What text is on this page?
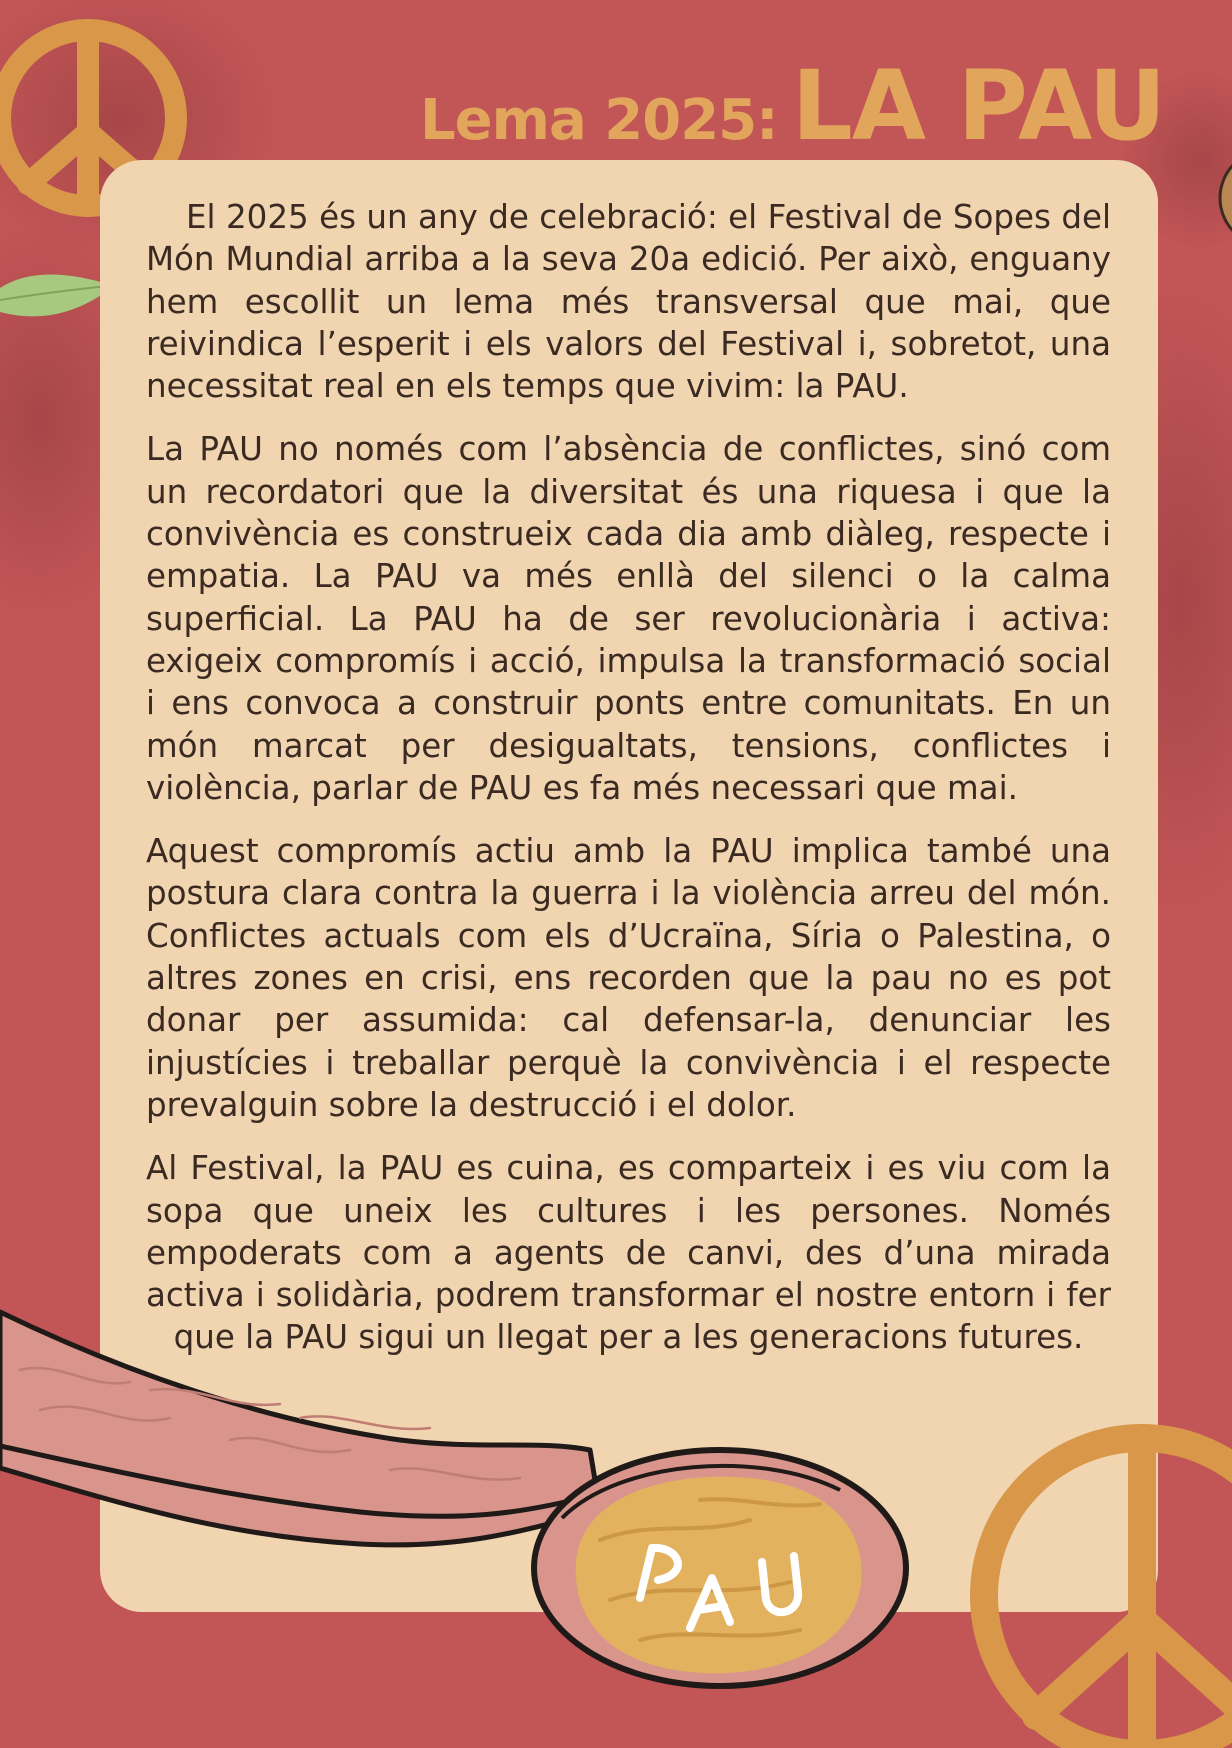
Lema 2025: LA PAU

El 2025 és un any de celebració: el Festival de Sopes del Món Mundial arriba a la seva 20a edició. Per això, enguany hem escollit un lema més transversal que mai, que reivindica l’esperit i els valors del Festival i, sobretot, una necessitat real en els temps que vivim: la PAU.

La PAU no només com l’absència de conflictes, sinó com un recordatori que la diversitat és una riquesa i que la convivència es construeix cada dia amb diàleg, respecte i empatia. La PAU va més enllà del silenci o la calma superficial. La PAU ha de ser revolucionària i activa: exigeix compromís i acció, impulsa la transformació social i ens convoca a construir ponts entre comunitats. En un món marcat per desigualtats, tensions, conflictes i violència, parlar de PAU es fa més necessari que mai.

Aquest compromís actiu amb la PAU implica també una postura clara contra la guerra i la violència arreu del món. Conflictes actuals com els d’Ucraïna, Síria o Palestina, o altres zones en crisi, ens recorden que la pau no es pot donar per assumida: cal defensar-la, denunciar les injustícies i treballar perquè la convivència i el respecte prevalguin sobre la destrucció i el dolor.

Al Festival, la PAU es cuina, es comparteix i es viu com la sopa que uneix les cultures i les persones. Només empoderats com a agents de canvi, des d’una mirada activa i solidària, podrem transformar el nostre entorn i fer que la PAU sigui un llegat per a les generacions futures.
